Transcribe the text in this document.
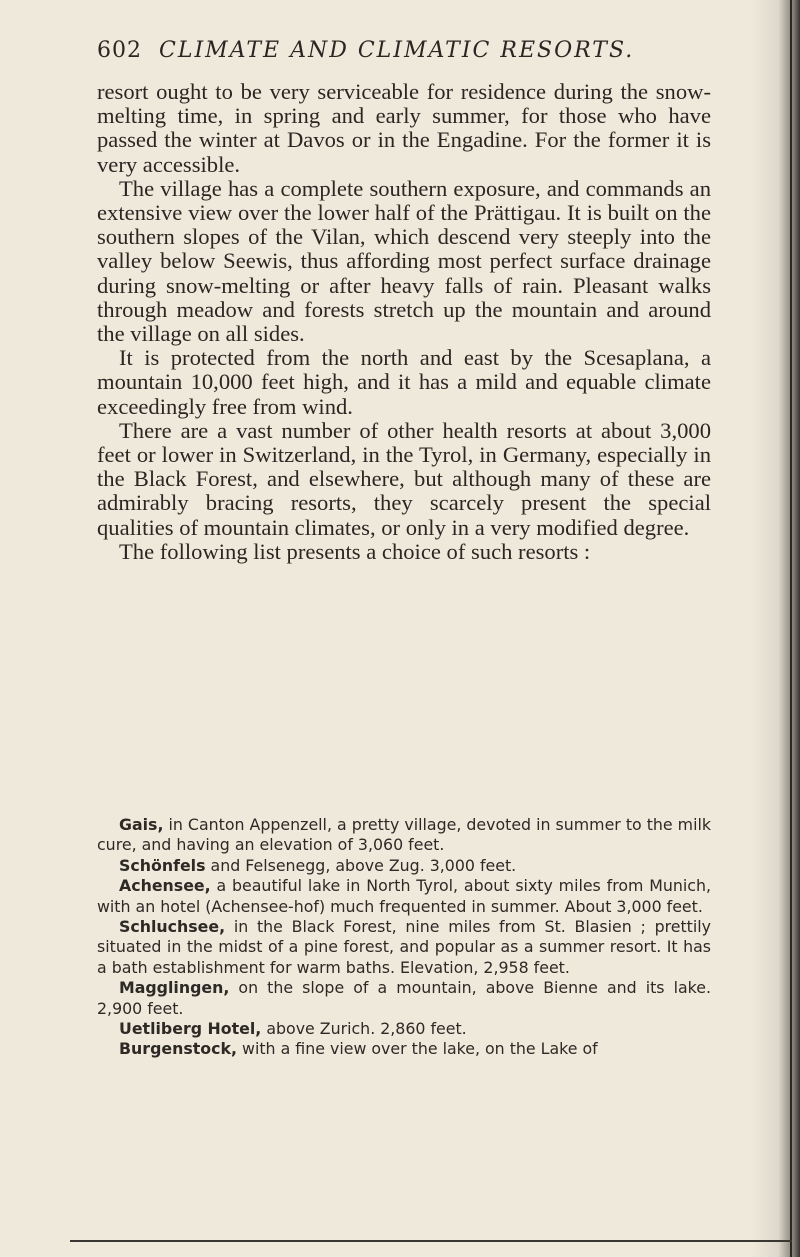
602 CLIMATE AND CLIMATIC RESORTS.

resort ought to be very serviceable for residence during the snow-melting time, in spring and early summer, for those who have passed the winter at Davos or in the Engadine. For the former it is very accessible.

The village has a complete southern exposure, and commands an extensive view over the lower half of the Prättigau. It is built on the southern slopes of the Vilan, which descend very steeply into the valley below Seewis, thus affording most perfect surface drainage during snow-melting or after heavy falls of rain. Pleasant walks through meadow and forests stretch up the mountain and around the village on all sides.

It is protected from the north and east by the Scesaplana, a mountain 10,000 feet high, and it has a mild and equable climate exceedingly free from wind.

There are a vast number of other health resorts at about 3,000 feet or lower in Switzerland, in the Tyrol, in Germany, especially in the Black Forest, and elsewhere, but although many of these are admirably bracing resorts, they scarcely present the special qualities of mountain climates, or only in a very modified degree.

The following list presents a choice of such resorts :

Gais, in Canton Appenzell, a pretty village, devoted in summer to the milk cure, and having an elevation of 3,060 feet.

Schönfels and Felsenegg, above Zug. 3,000 feet.

Achensee, a beautiful lake in North Tyrol, about sixty miles from Munich, with an hotel (Achensee-hof) much frequented in summer. About 3,000 feet.

Schluchsee, in the Black Forest, nine miles from St. Blasien ; prettily situated in the midst of a pine forest, and popular as a summer resort. It has a bath establishment for warm baths. Elevation, 2,958 feet.

Magglingen, on the slope of a mountain, above Bienne and its lake. 2,900 feet.

Uetliberg Hotel, above Zurich. 2,860 feet.

Burgenstock, with a fine view over the lake, on the Lake of
